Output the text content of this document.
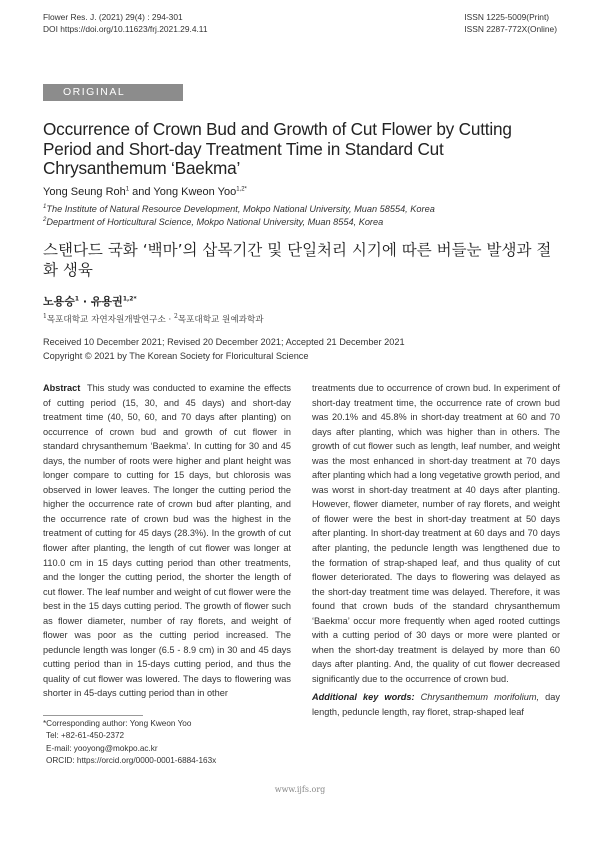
Flower Res. J. (2021) 29(4) : 294-301
DOI https://doi.org/10.11623/frj.2021.29.4.11
ISSN 1225-5009(Print)
ISSN 2287-772X(Online)
ORIGINAL ARTICLE
Occurrence of Crown Bud and Growth of Cut Flower by Cutting Period and Short-day Treatment Time in Standard Cut Chrysanthemum ‘Baekma’
Yong Seung Roh$^1$ and Yong Kweon Yoo$^{1,2*}$
$^1$The Institute of Natural Resource Development, Mokpo National University, Muan 58554, Korea
$^2$Department of Horticultural Science, Mokpo National University, Muan 8554, Korea
스탠다드 국화 ‘백마’의 삽목기간 및 단일처리 시기에 따른 버들눈 발생과 절화 생육
노용승$^1$ · 유용권$^{1,2*}$
$^1$목포대학교 자연자원개발연구소 · $^2$목포대학교 원예과학과
Received 10 December 2021; Revised 20 December 2021; Accepted 21 December 2021
Copyright © 2021 by The Korean Society for Floricultural Science
Abstract This study was conducted to examine the effects of cutting period (15, 30, and 45 days) and short-day treatment time (40, 50, 60, and 70 days after planting) on occurrence of crown bud and growth of cut flower in standard chrysanthemum ‘Baekma’. In cutting for 30 and 45 days, the number of roots were higher and plant height was longer compare to cutting for 15 days, but chlorosis was observed in lower leaves. The longer the cutting period the higher the occurrence rate of crown bud after planting, and the occurrence rate of crown bud was the highest in the treatment of cutting for 45 days (28.3%). In the growth of cut flower after planting, the length of cut flower was longer at 110.0 cm in 15 days cutting period than other treatments, and the longer the cutting period, the shorter the length of cut flower. The leaf number and weight of cut flower were the best in the 15 days cutting period. The growth of flower such as flower diameter, number of ray florets, and weight of flower was poor as the cutting period increased. The peduncle length was longer (6.5 - 8.9 cm) in 30 and 45 days cutting period than in 15-days cutting period, and thus the quality of cut flower was lowered. The days to flowering was shorter in 45-days cutting period than in other
treatments due to occurrence of crown bud. In experiment of short-day treatment time, the occurrence rate of crown bud was 20.1% and 45.8% in short-day treatment at 60 and 70 days after planting, which was higher than in others. The growth of cut flower such as length, leaf number, and weight was the most enhanced in short-day treatment at 70 days after planting which had a long vegetative growth period, and was worst in short-day treatment at 40 days after planting. However, flower diameter, number of ray florets, and weight of flower were the best in short-day treatment at 50 days after planting. In short-day treatment at 60 days and 70 days after planting, the peduncle length was lengthened due to the formation of strap-shaped leaf, and thus quality of cut flower deteriorated. The days to flowering was delayed as the short-day treatment time was delayed. Therefore, it was found that crown buds of the standard chrysanthemum ‘Baekma’ occur more frequently when aged rooted cuttings with a cutting period of 30 days or more were planted or when the short-day treatment is delayed by more than 60 days after planting. And, the quality of cut flower decreased significantly due to the occurrence of crown bud.
Additional key words: Chrysanthemum morifolium, day length, peduncle length, ray floret, strap-shaped leaf
*Corresponding author: Yong Kweon Yoo
Tel: +82-61-450-2372
E-mail: yooyong@mokpo.ac.kr
ORCID: https://orcid.org/0000-0001-6884-163x
www.ijfs.org
